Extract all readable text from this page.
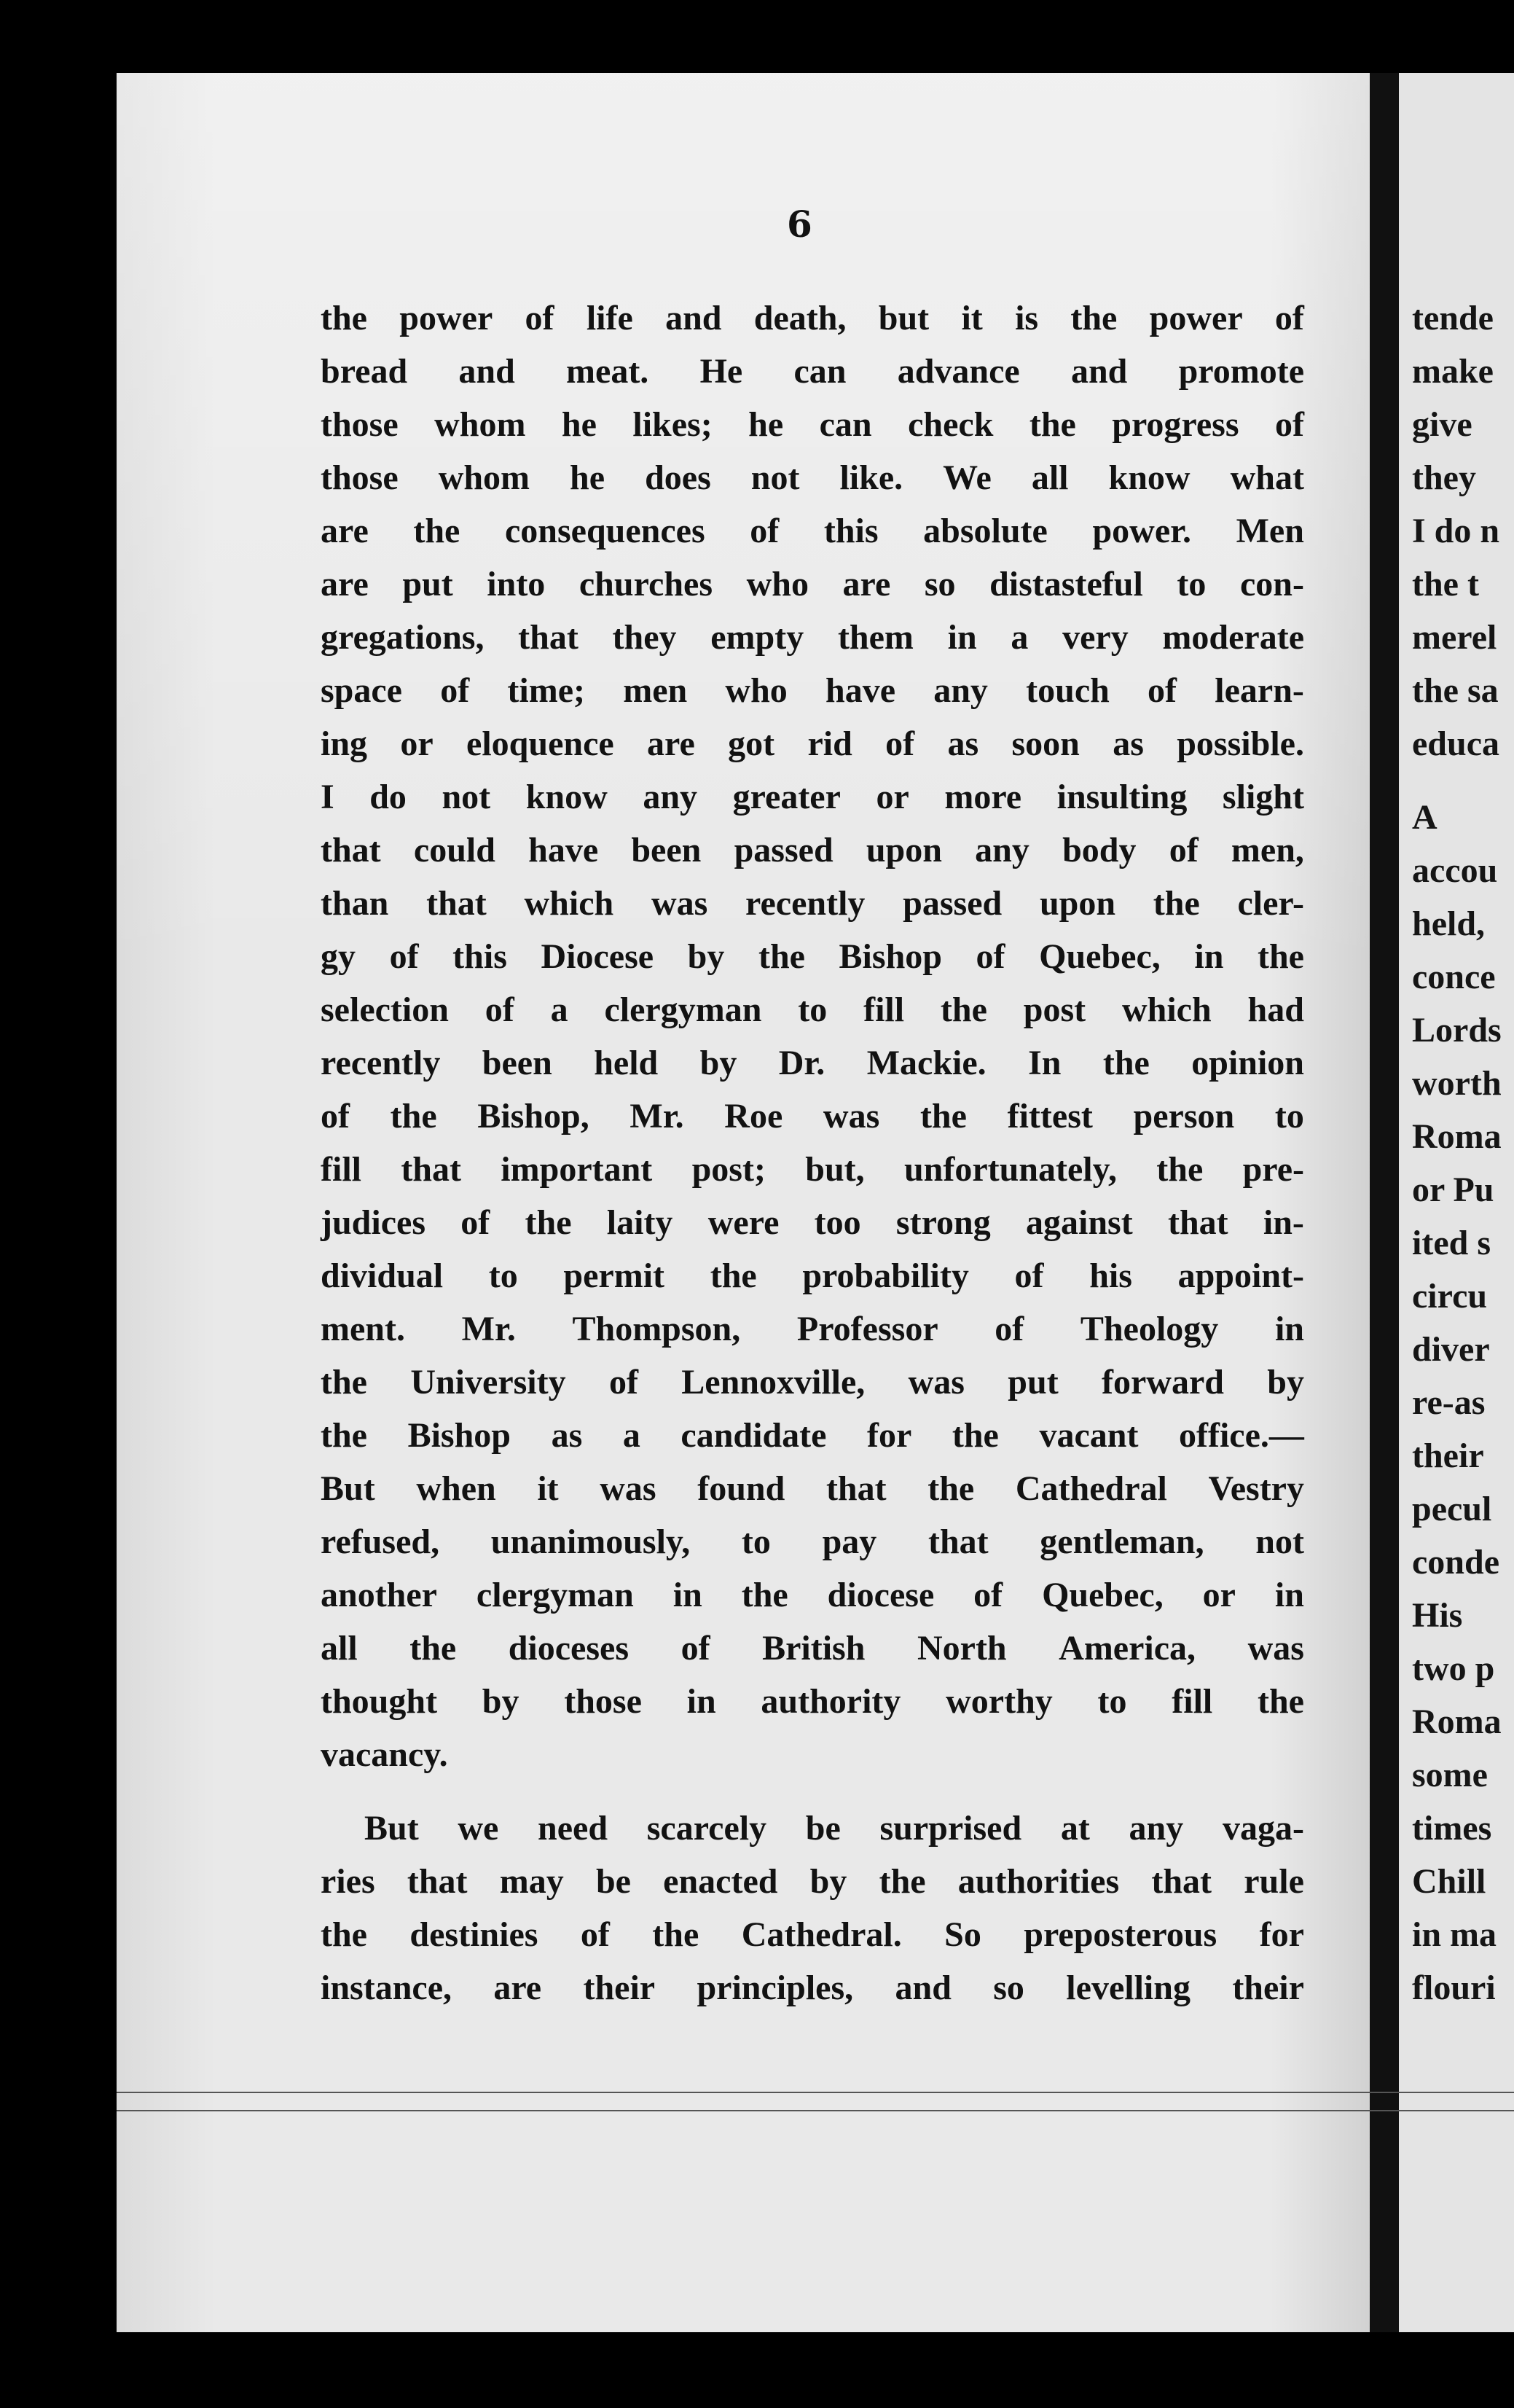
6
the power of life and death, but it is the power of
bread and meat. He can advance and promote
those whom he likes; he can check the progress of
those whom he does not like. We all know what
are the consequences of this absolute power. Men
are put into churches who are so distasteful to con-
gregations, that they empty them in a very moderate
space of time; men who have any touch of learn-
ing or eloquence are got rid of as soon as possible.
I do not know any greater or more insulting slight
that could have been passed upon any body of men,
than that which was recently passed upon the cler-
gy of this Diocese by the Bishop of Quebec, in the
selection of a clergyman to fill the post which had
recently been held by Dr. Mackie. In the opinion
of the Bishop, Mr. Roe was the fittest person to
fill that important post; but, unfortunately, the pre-
judices of the laity were too strong against that in-
dividual to permit the probability of his appoint-
ment. Mr. Thompson, Professor of Theology in
the University of Lennoxville, was put forward by
the Bishop as a candidate for the vacant office.—
But when it was found that the Cathedral Vestry
refused, unanimously, to pay that gentleman, not
another clergyman in the diocese of Quebec, or in
all the dioceses of British North America, was
thought by those in authority worthy to fill the
vacancy.
But we need scarcely be surprised at any vaga-
ries that may be enacted by the authorities that rule
the destinies of the Cathedral. So preposterous for
instance, are their principles, and so levelling their
tende
make
give
they
I do n
the t
merel
the sa
educa
A
accou
held,
conce
Lords
worth
Roma
or Pu
ited s
circu
diver
re-as
their
pecul
conde
His
two p
Roma
some
times
Chill
in ma
flouri
